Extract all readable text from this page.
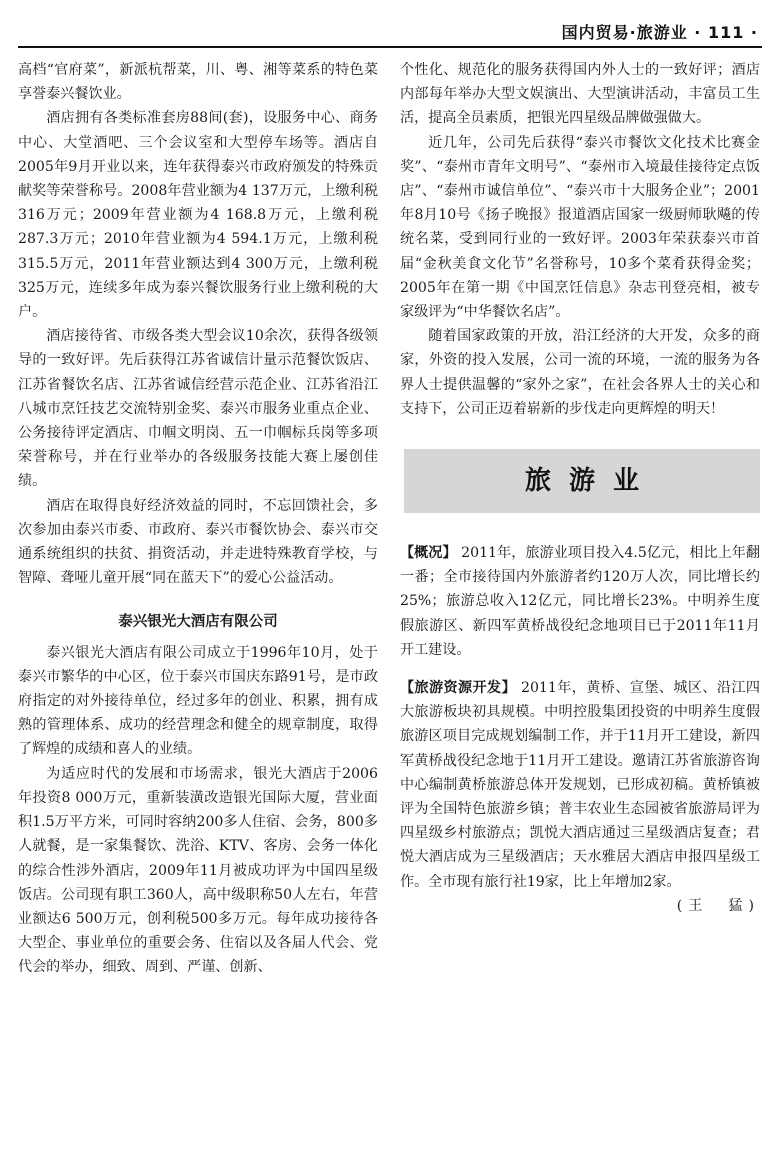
国内贸易·旅游业 · 111 ·

高档“官府菜”，新派杭帮菜，川、粤、湘等菜系的特色菜享誉泰兴餐饮业。

酒店拥有各类标准套房88间(套)，设服务中心、商务中心、大堂酒吧、三个会议室和大型停车场等。酒店自2005年9月开业以来，连年获得泰兴市政府颁发的特殊贡献奖等荣誉称号。2008年营业额为4 137万元，上缴利税316万元；2009年营业额为4 168.8万元，上缴利税287.3万元；2010年营业额为4 594.1万元，上缴利税315.5万元，2011年营业额达到4 300万元，上缴利税325万元，连续多年成为泰兴餐饮服务行业上缴利税的大户。

酒店接待省、市级各类大型会议10余次，获得各级领导的一致好评。先后获得江苏省诚信计量示范餐饮饭店、江苏省餐饮名店、江苏省诚信经营示范企业、江苏省沿江八城市烹饪技艺交流特别金奖、泰兴市服务业重点企业、公务接待评定酒店、巾帼文明岗、五一巾帼标兵岗等多项荣誉称号，并在行业举办的各级服务技能大赛上屡创佳绩。

酒店在取得良好经济效益的同时，不忘回馈社会，多次参加由泰兴市委、市政府、泰兴市餐饮协会、泰兴市交通系统组织的扶贫、捐资活动，并走进特殊教育学校，与智障、聋哑儿童开展“同在蓝天下”的爱心公益活动。

泰兴银光大酒店有限公司

泰兴银光大酒店有限公司成立于1996年10月，处于泰兴市繁华的中心区，位于泰兴市国庆东路91号，是市政府指定的对外接待单位，经过多年的创业、积累，拥有成熟的管理体系、成功的经营理念和健全的规章制度，取得了辉煌的成绩和喜人的业绩。

为适应时代的发展和市场需求，银光大酒店于2006年投资8 000万元，重新装潢改造银光国际大厦，营业面积1.5万平方米，可同时容纳200多人住宿、会务，800多人就餐，是一家集餐饮、洗浴、KTV、客房、会务一体化的综合性涉外酒店，2009年11月被成功评为中国四星级饭店。公司现有职工360人，高中级职称50人左右，年营业额达6 500万元，创利税500多万元。每年成功接待各大型企、事业单位的重要会务、住宿以及各届人代会、党代会的举办，细致、周到、严谨、创新、

个性化、规范化的服务获得国内外人士的一致好评；酒店内部每年举办大型文娱演出、大型演讲活动，丰富员工生活，提高全员素质，把银光四星级品牌做强做大。

近几年，公司先后获得“泰兴市餐饮文化技术比赛金奖”、“泰州市青年文明号”、“泰州市入境最佳接待定点饭店”、“泰州市诚信单位”、“泰兴市十大服务企业”；2001年8月10号《扬子晚报》报道酒店国家一级厨师耿飚的传统名菜，受到同行业的一致好评。2003年荣获泰兴市首届“金秋美食文化节”名誉称号，10多个菜肴获得金奖；2005年在第一期《中国烹饪信息》杂志刊登亮相，被专家级评为“中华餐饮名店”。

随着国家政策的开放，沿江经济的大开发，众多的商家，外资的投入发展，公司一流的环境，一流的服务为各界人士提供温馨的“家外之家”，在社会各界人士的关心和支持下，公司正迈着崭新的步伐走向更辉煌的明天！

旅游业

【概况】 2011年，旅游业项目投入4.5亿元，相比上年翻一番；全市接待国内外旅游者约120万人次，同比增长约25%；旅游总收入12亿元，同比增长23%。中明养生度假旅游区、新四军黄桥战役纪念地项目已于2011年11月开工建设。

【旅游资源开发】 2011年，黄桥、宣堡、城区、沿江四大旅游板块初具规模。中明控股集团投资的中明养生度假旅游区项目完成规划编制工作，并于11月开工建设，新四军黄桥战役纪念地于11月开工建设。邀请江苏省旅游咨询中心编制黄桥旅游总体开发规划，已形成初稿。黄桥镇被评为全国特色旅游乡镇；普丰农业生态园被省旅游局评为四星级乡村旅游点；凯悦大酒店通过三星级酒店复查；君悦大酒店成为三星级酒店；天水雅居大酒店申报四星级工作。全市现有旅行社19家，比上年增加2家。
(王　猛)
